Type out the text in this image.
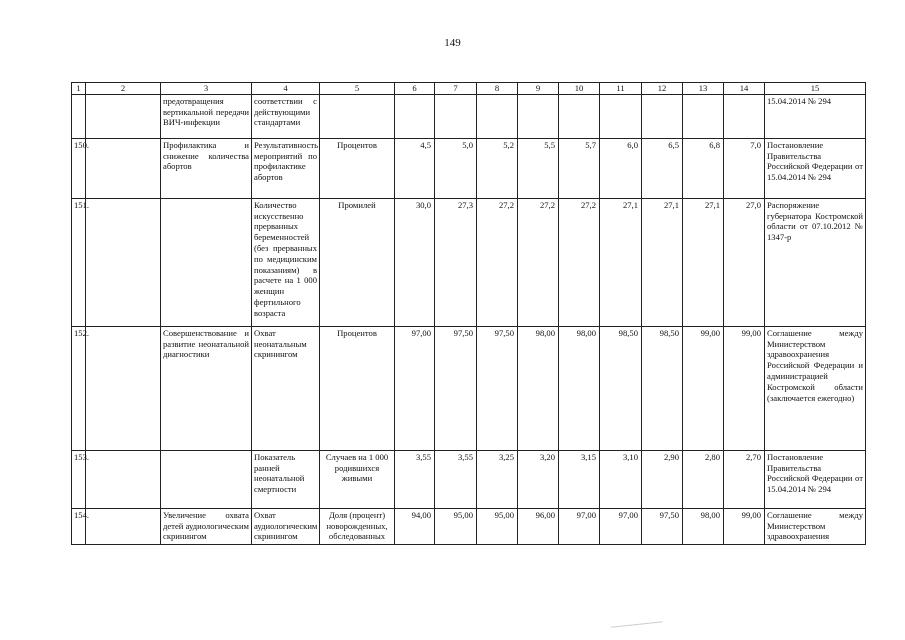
149
1	2	3	4	5	6	7	8	9	10	11	12	13	14	15
		предотвращения вертикальной передачи ВИЧ-инфекции	соответствии с действующими стандартами											15.04.2014 № 294
150.		Профилактика и снижение количества абортов	Результативность мероприятий по профилактике абортов	Процентов	4,5	5,0	5,2	5,5	5,7	6,0	6,5	6,8	7,0	Постановление Правительства Российской Федерации от 15.04.2014 № 294
151.			Количество искусственно прерванных беременностей (без прерванных по медицинским показаниям) в расчете на 1 000 женщин фертильного возраста	Промилей	30,0	27,3	27,2	27,2	27,2	27,1	27,1	27,1	27,0	Распоряжение губернатора Костромской области от 07.10.2012 № 1347-р
152.		Совершенствование и развитие неонатальной диагностики	Охват неонатальным скринингом	Процентов	97,00	97,50	97,50	98,00	98,00	98,50	98,50	99,00	99,00	Соглашение между Министерством здравоохранения Российской Федерации и администрацией Костромской области (заключается ежегодно)
153.			Показатель ранней неонатальной смертности	Случаев на 1 000 родившихся живыми	3,55	3,55	3,25	3,20	3,15	3,10	2,90	2,80	2,70	Постановление Правительства Российской Федерации от 15.04.2014 № 294
154.		Увеличение охвата детей аудиологическим скринингом	Охват аудиологическим скринингом	Доля (процент) новорожденных, обследованных	94,00	95,00	95,00	96,00	97,00	97,00	97,50	98,00	99,00	Соглашение между Министерством здравоохранения
